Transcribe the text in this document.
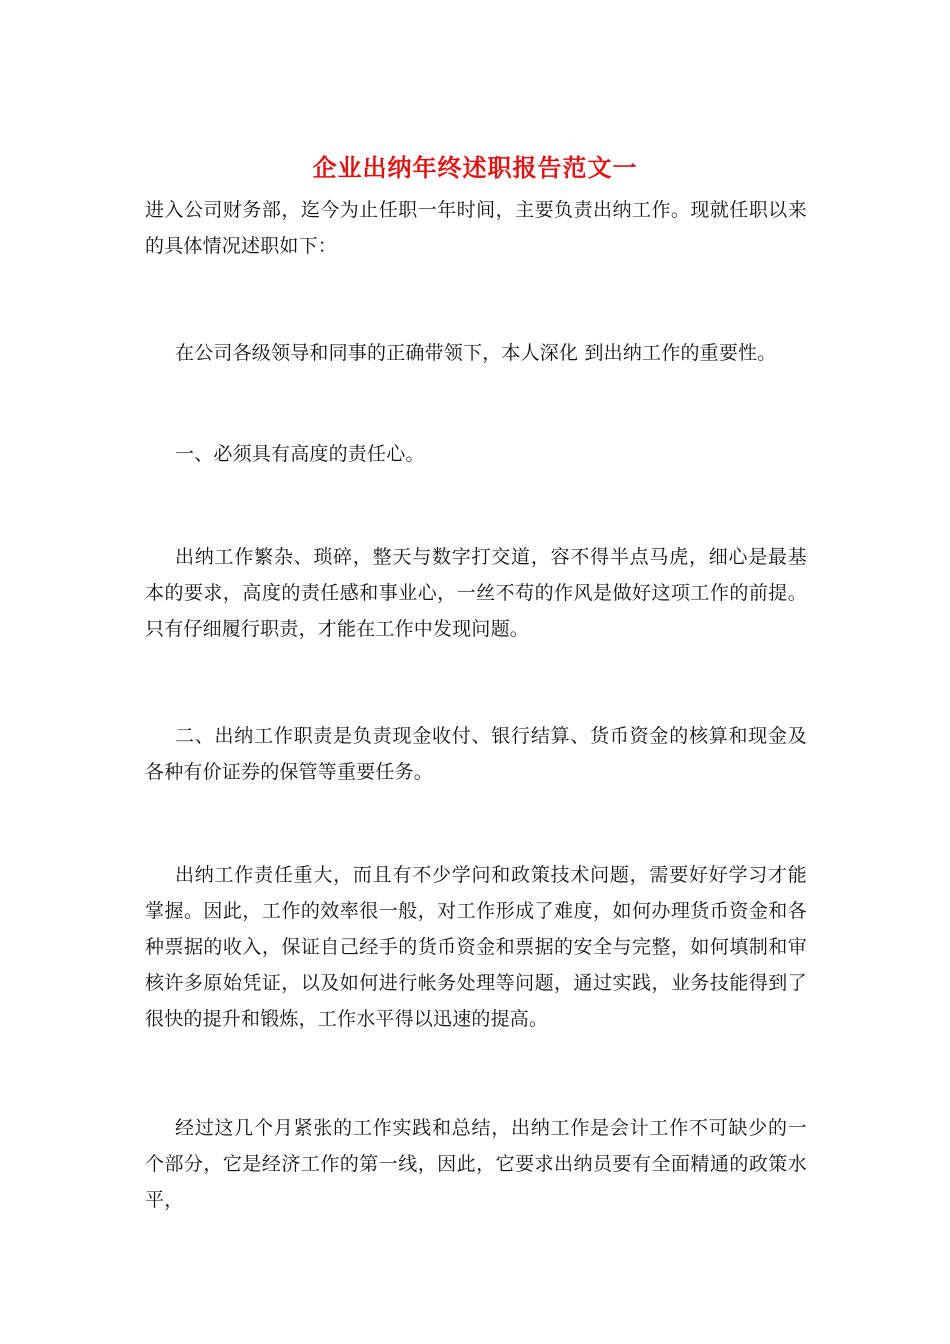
企业出纳年终述职报告范文一

进入公司财务部，迄今为止任职一年时间，主要负责出纳工作。现就任职以来的具体情况述职如下：

在公司各级领导和同事的正确带领下，本人深化 到出纳工作的重要性。

一、必须具有高度的责任心。

出纳工作繁杂、琐碎，整天与数字打交道，容不得半点马虎，细心是最基本的要求，高度的责任感和事业心，一丝不苟的作风是做好这项工作的前提。只有仔细履行职责，才能在工作中发现问题。

二、出纳工作职责是负责现金收付、银行结算、货币资金的核算和现金及各种有价证券的保管等重要任务。

出纳工作责任重大，而且有不少学问和政策技术问题，需要好好学习才能掌握。因此，工作的效率很一般，对工作形成了难度，如何办理货币资金和各种票据的收入，保证自己经手的货币资金和票据的安全与完整，如何填制和审核许多原始凭证，以及如何进行帐务处理等问题，通过实践，业务技能得到了很快的提升和锻炼，工作水平得以迅速的提高。

经过这几个月紧张的工作实践和总结，出纳工作是会计工作不可缺少的一个部分，它是经济工作的第一线，因此，它要求出纳员要有全面精通的政策水平，
